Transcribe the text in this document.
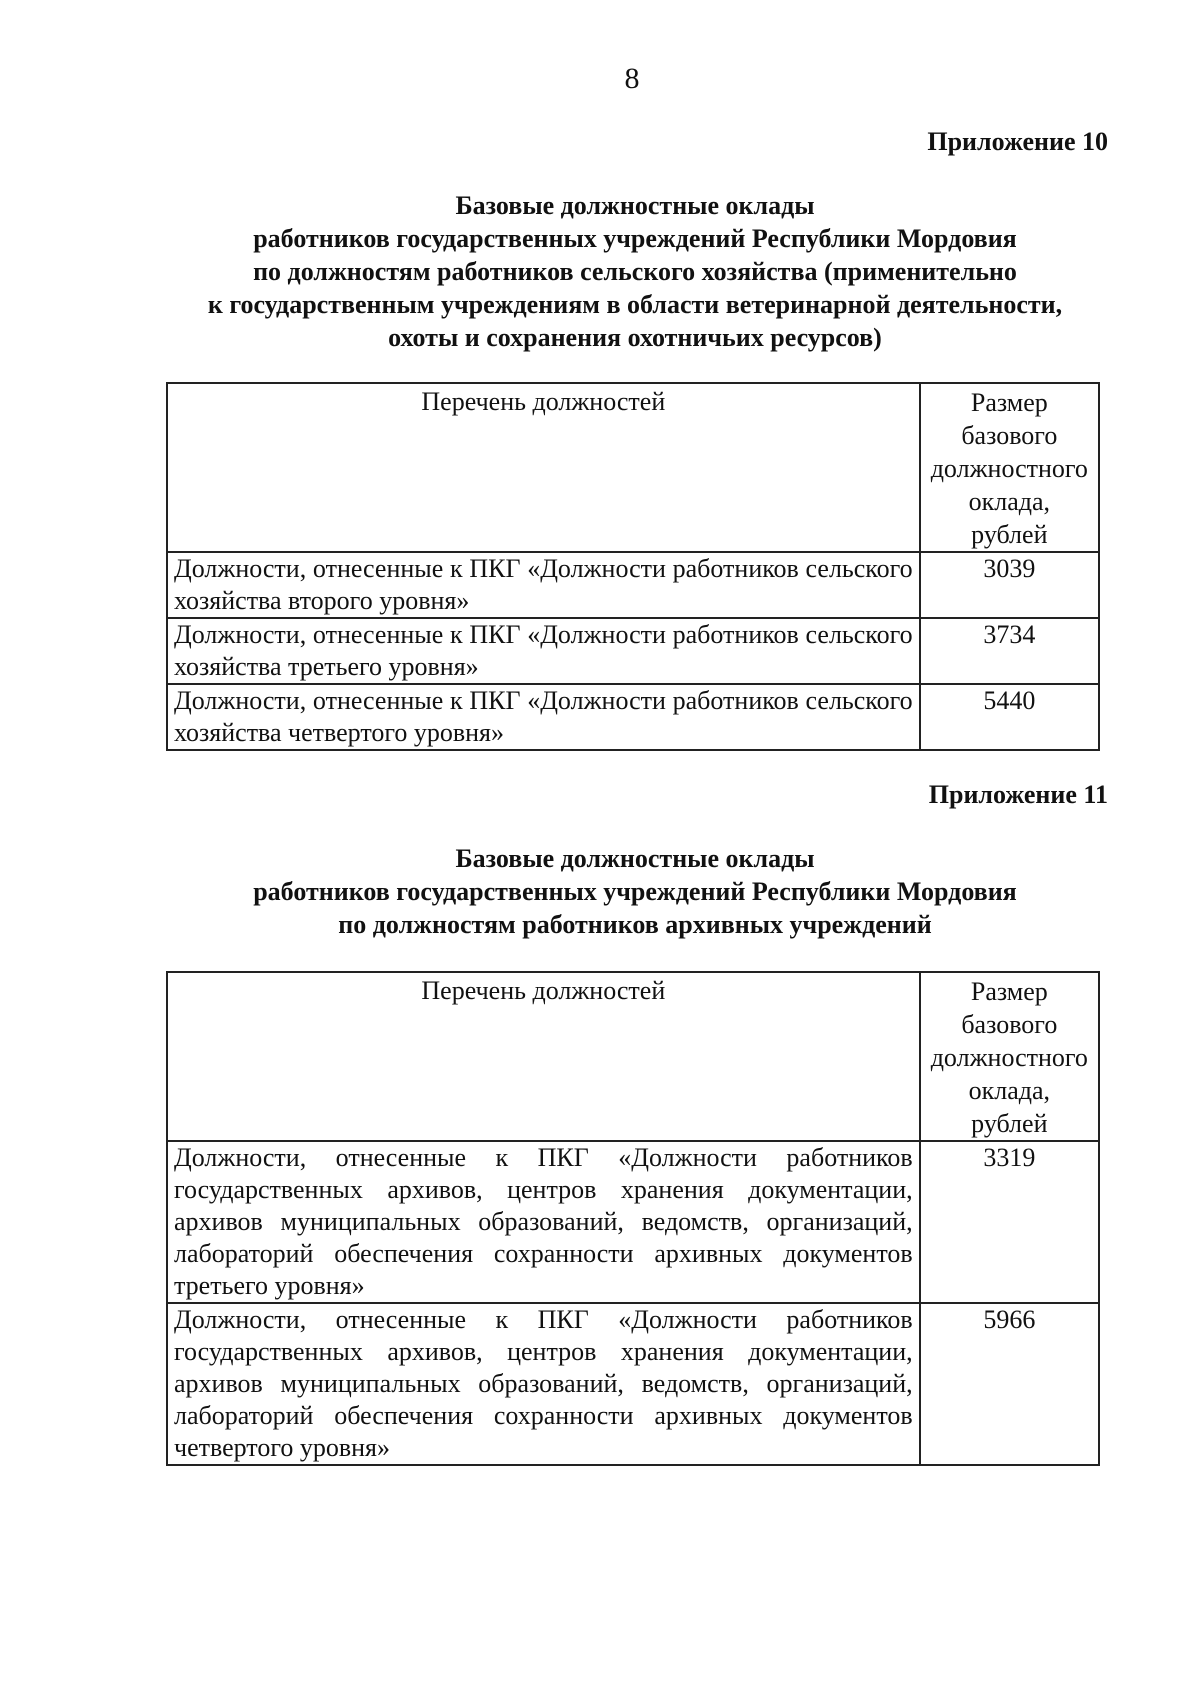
8
Приложение 10
Базовые должностные оклады
работников государственных учреждений Республики Мордовия
по должностям работников сельского хозяйства (применительно
к государственным учреждениям в области ветеринарной деятельности,
охоты и сохранения охотничьих ресурсов)
Перечень должностей	Размер
базового
должностного
оклада,
рублей

Должности, отнесенные к ПКГ «Должности работников сельского хозяйства второго уровня»	3039
Должности, отнесенные к ПКГ «Должности работников сельского хозяйства третьего уровня»	3734
Должности, отнесенные к ПКГ «Должности работников сельского хозяйства четвертого уровня»	5440
Приложение 11
Базовые должностные оклады
работников государственных учреждений Республики Мордовия
по должностям работников архивных учреждений
Перечень должностей	Размер
базового
должностного
оклада,
рублей

Должности, отнесенные к ПКГ «Должности работников государственных архивов, центров хранения документации, архивов муниципальных образований, ведомств, организаций, лабораторий обеспечения сохранности архивных документов третьего уровня»	3319
Должности, отнесенные к ПКГ «Должности работников государственных архивов, центров хранения документации, архивов муниципальных образований, ведомств, организаций, лабораторий обеспечения сохранности архивных документов четвертого уровня»	5966
